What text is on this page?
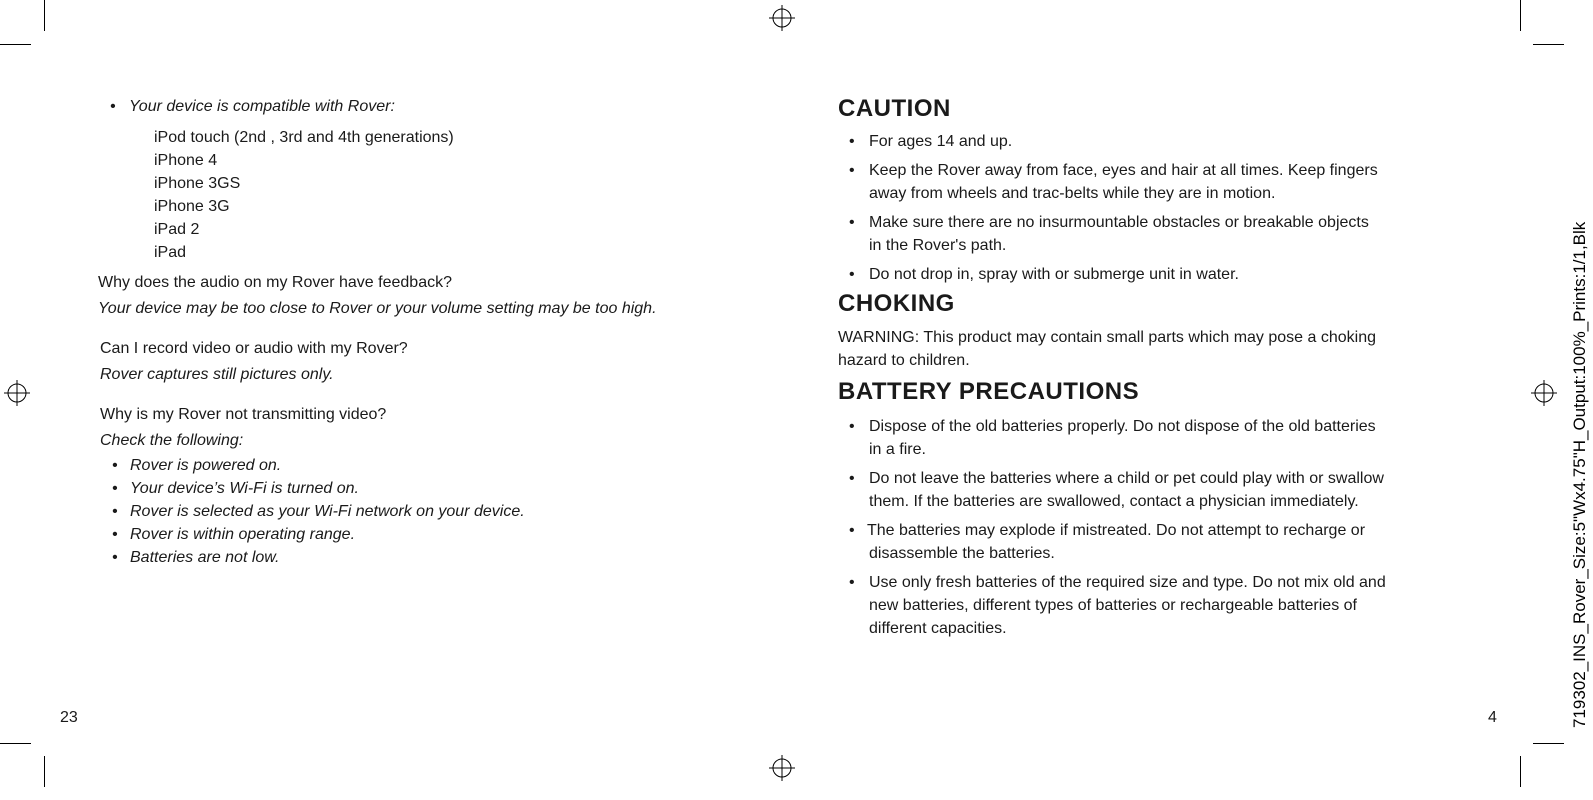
• Your device is compatible with Rover:
iPod touch (2nd , 3rd and 4th generations)
iPhone 4
iPhone 3GS
iPhone 3G
iPad 2
iPad
Why does the audio on my Rover have feedback?
Your device may be too close to Rover or your volume setting may be too high.
Can I record video or audio with my Rover?
Rover captures still pictures only.
Why is my Rover not transmitting video?
Check the following:
• Rover is powered on.
• Your device’s Wi-Fi is turned on.
• Rover is selected as your Wi-Fi network on your device.
• Rover is within operating range.
• Batteries are not low.
23
CAUTION
• For ages 14 and up.
• Keep the Rover away from face, eyes and hair at all times. Keep fingers
away from wheels and trac-belts while they are in motion.
• Make sure there are no insurmountable obstacles or breakable objects
in the Rover's path.
• Do not drop in, spray with or submerge unit in water.
CHOKING
WARNING: This product may contain small parts which may pose a choking
hazard to children.
BATTERY PRECAUTIONS
• Dispose of the old batteries properly. Do not dispose of the old batteries
in a fire.
• Do not leave the batteries where a child or pet could play with or swallow
them. If the batteries are swallowed, contact a physician immediately.
• The batteries may explode if mistreated. Do not attempt to recharge or
disassemble the batteries.
• Use only fresh batteries of the required size and type. Do not mix old and
new batteries, different types of batteries or rechargeable batteries of
different capacities.
4	719302_INS_Rover_Size:5"Wx4.75"H_Output:100%_Prints:1/1,Blk
